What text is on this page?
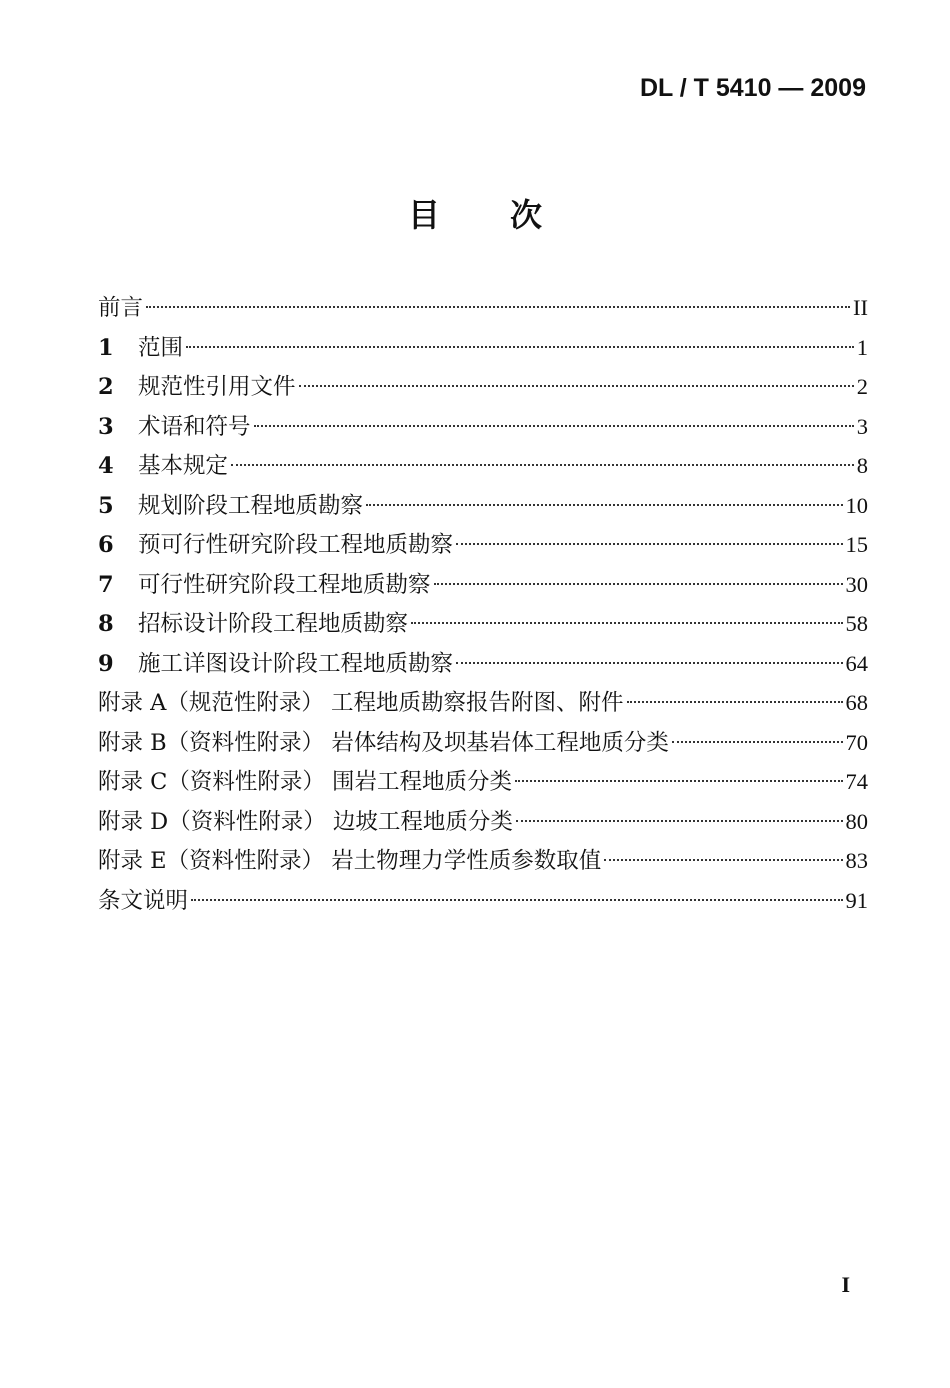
DL / T 5410 — 2009
目次
前言	II
1	范围	1
2	规范性引用文件	2
3	术语和符号	3
4	基本规定	8
5	规划阶段工程地质勘察	10
6	预可行性研究阶段工程地质勘察	15
7	可行性研究阶段工程地质勘察	30
8	招标设计阶段工程地质勘察	58
9	施工详图设计阶段工程地质勘察	64
附录 A（规范性附录） 工程地质勘察报告附图、附件	68
附录 B（资料性附录） 岩体结构及坝基岩体工程地质分类	70
附录 C（资料性附录） 围岩工程地质分类	74
附录 D（资料性附录） 边坡工程地质分类	80
附录 E（资料性附录） 岩土物理力学性质参数取值	83
条文说明	91
I
